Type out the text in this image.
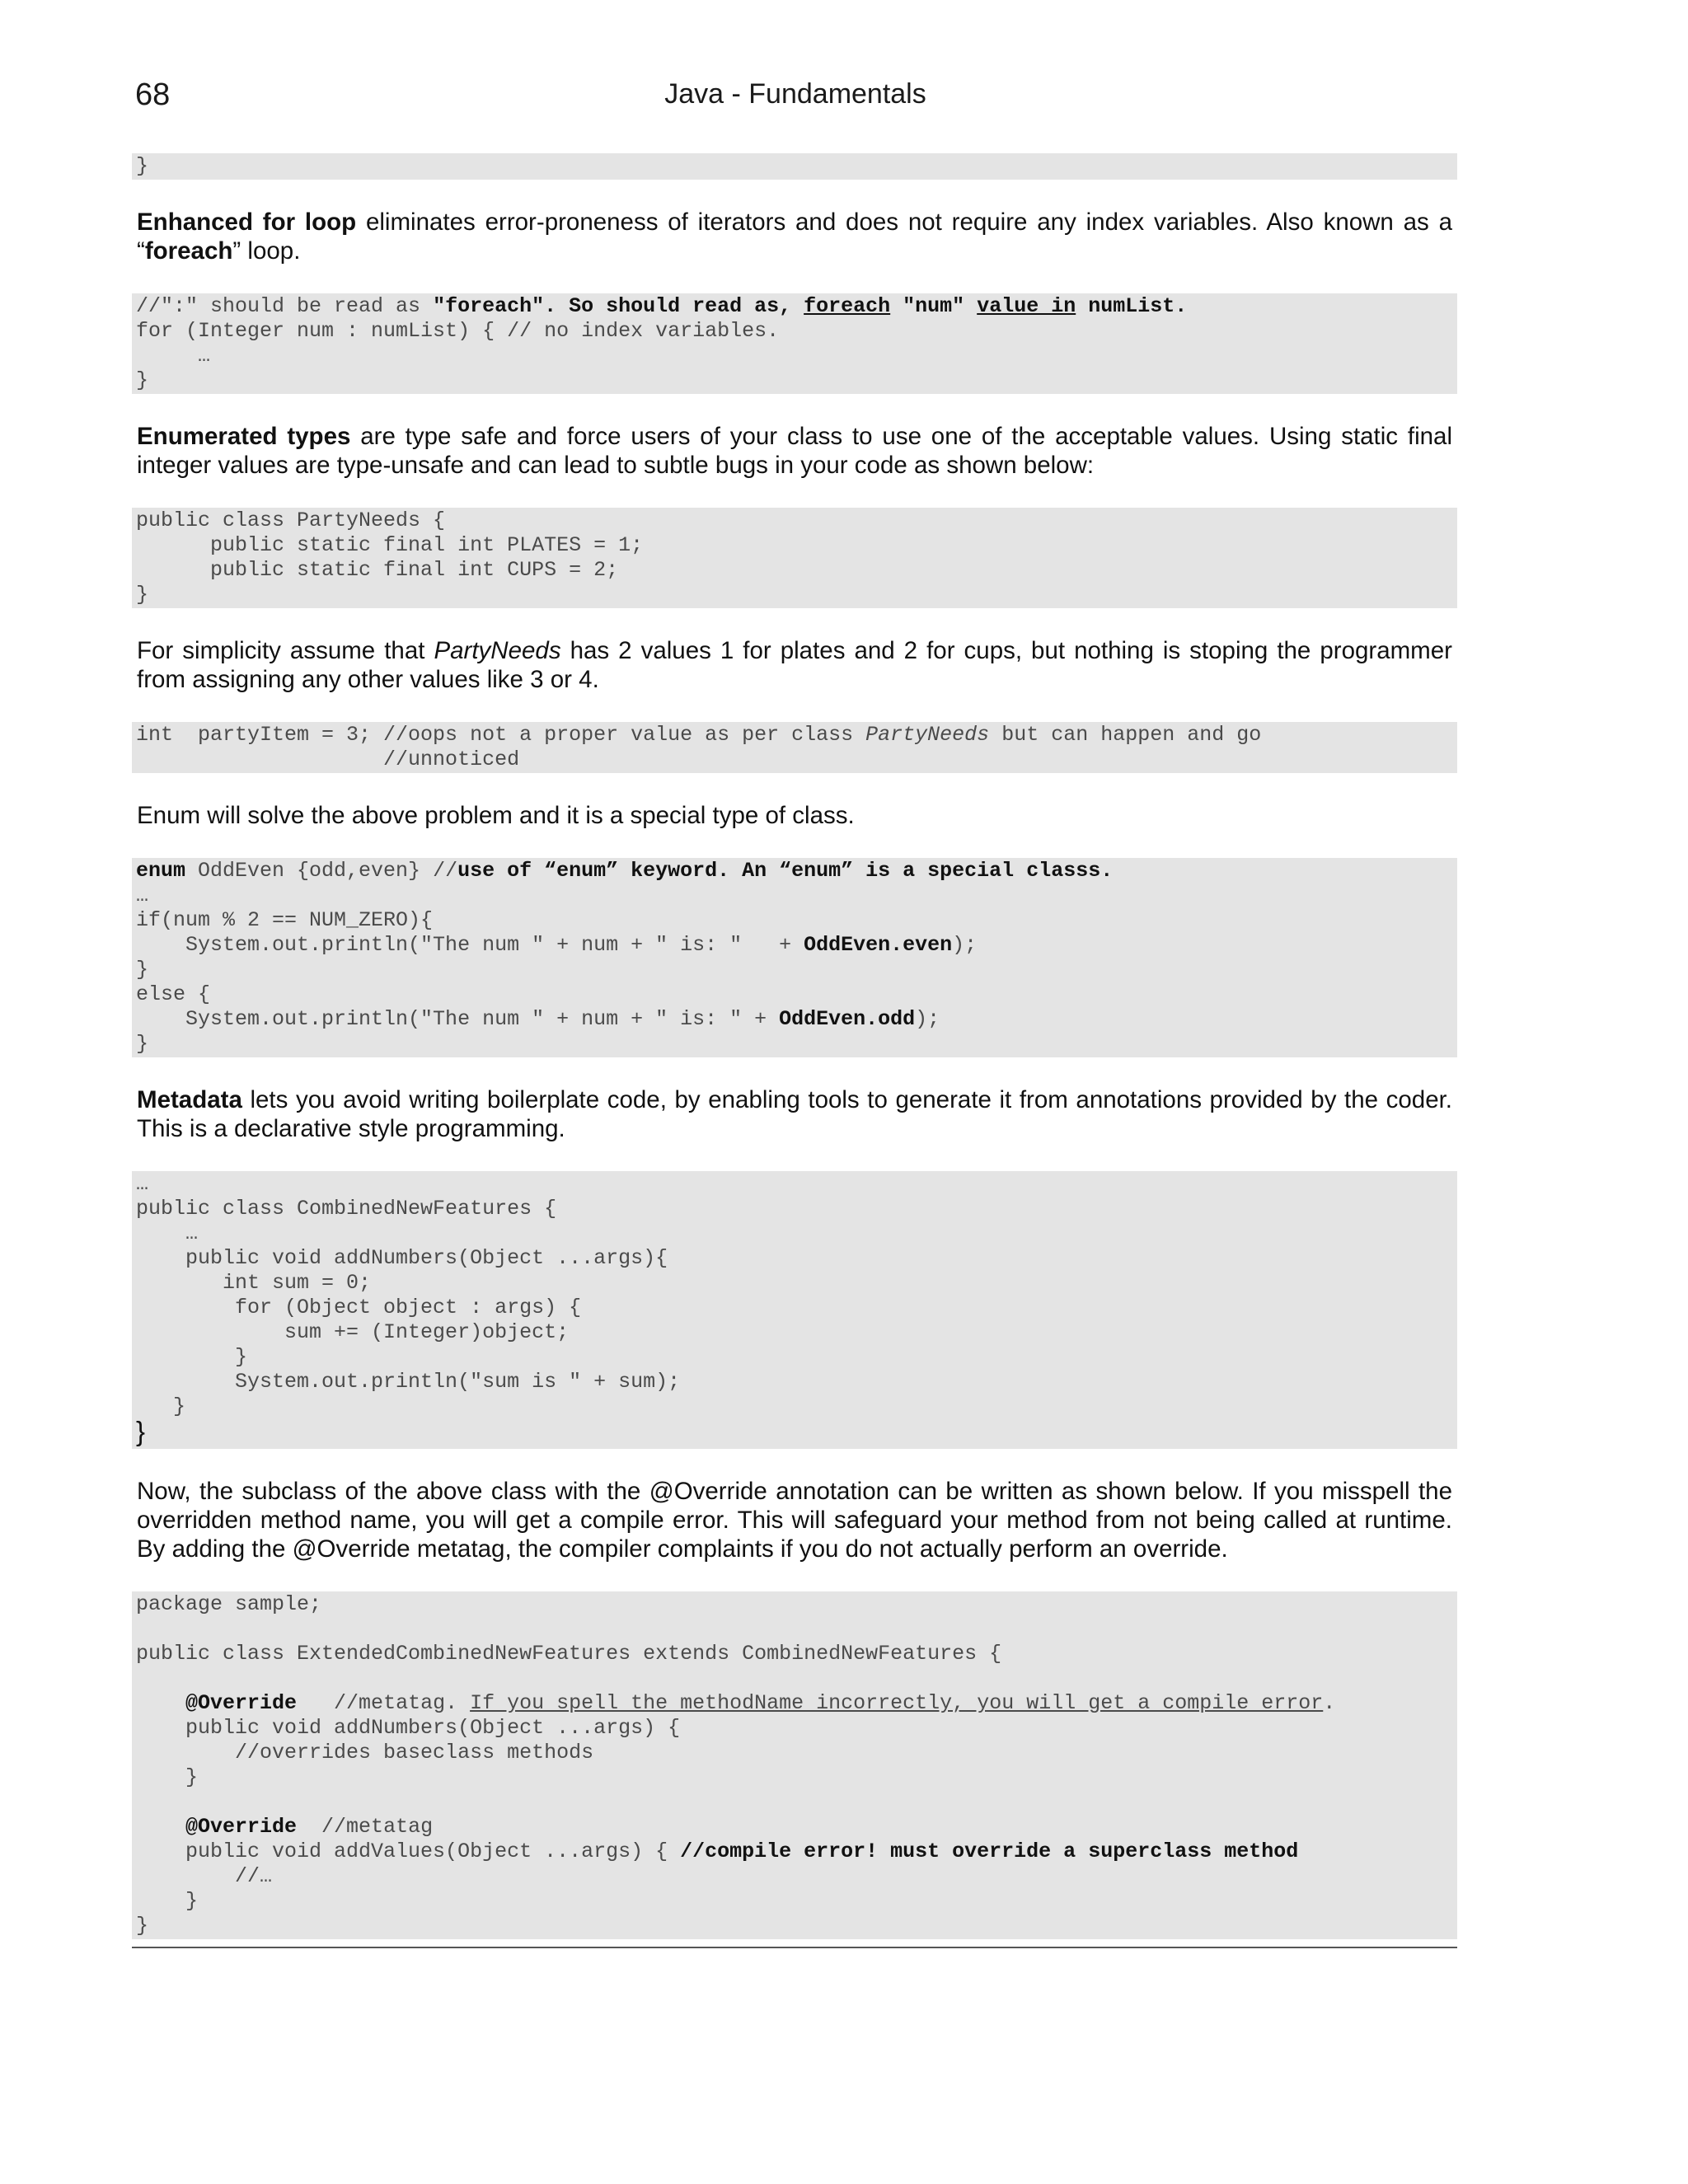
68	Java - Fundamentals
}

Enhanced for loop eliminates error-proneness of iterators and does not require any index variables. Also known as a “foreach” loop.

//":" should be read as "foreach". So should read as, foreach "num" value in numList.
for (Integer num : numList) { // no index variables.
…
}

Enumerated types are type safe and force users of your class to use one of the acceptable values. Using static final integer values are type-unsafe and can lead to subtle bugs in your code as shown below:

public class PartyNeeds {
public static final int PLATES = 1;
public static final int CUPS = 2;
}

For simplicity assume that PartyNeeds has 2 values 1 for plates and 2 for cups, but nothing is stoping the programmer from assigning any other values like 3 or 4.

int  partyItem = 3; //oops not a proper value as per class PartyNeeds but can happen and go
//unnoticed

Enum will solve the above problem and it is a special type of class.

enum OddEven {odd,even} //use of “enum” keyword. An “enum” is a special classs.
…
if(num % 2 == NUM_ZERO){
System.out.println("The num " + num + " is: "   + OddEven.even);
}
else {
System.out.println("The num " + num + " is: " + OddEven.odd);
}

Metadata lets you avoid writing boilerplate code, by enabling tools to generate it from annotations provided by the coder. This is a declarative style programming.

…
public class CombinedNewFeatures {
…
public void addNumbers(Object ...args){
int sum = 0;
for (Object object : args) {
sum += (Integer)object;
}
System.out.println("sum is " + sum);
}
}

Now, the subclass of the above class with the @Override annotation can be written as shown below. If you misspell the overridden method name, you will get a compile error. This will safeguard your method from not being called at runtime. By adding the @Override metatag, the compiler complaints if you do not actually perform an override.

package sample;

public class ExtendedCombinedNewFeatures extends CombinedNewFeatures {

@Override   //metatag. If you spell the methodName incorrectly, you will get a compile error.
public void addNumbers(Object ...args) {
//overrides baseclass methods
}

@Override  //metatag
public void addValues(Object ...args) { //compile error! must override a superclass method
//…
}
}
